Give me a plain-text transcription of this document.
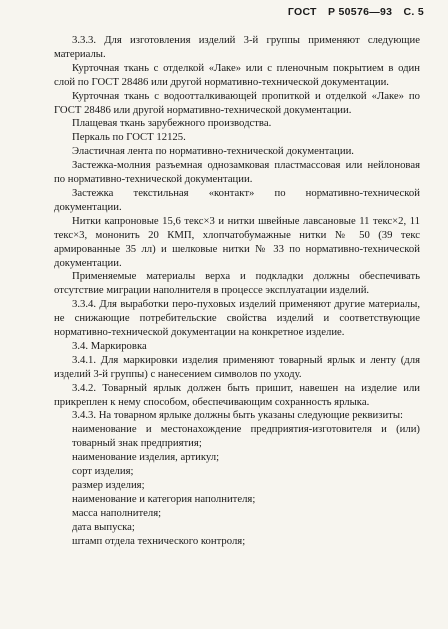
ГОСТ Р 50576—93 С. 5

3.3.3. Для изготовления изделий 3-й группы применяют следующие материалы.

Курточная ткань с отделкой «Лаке» или с пленочным покрытием в один слой по ГОСТ 28486 или другой нормативно-технической документации.

Курточная ткань с водоотталкивающей пропиткой и отделкой «Лаке» по ГОСТ 28486 или другой нормативно-технической документации.

Плащевая ткань зарубежного производства.

Перкаль по ГОСТ 12125.

Эластичная лента по нормативно-технической документации.

Застежка-молния разъемная однозамковая пластмассовая или нейлоновая по нормативно-технической документации.

Застежка текстильная «контакт» по нормативно-технической документации.

Нитки капроновые 15,6 текс×3 и нитки швейные лавсановые 11 текс×2, 11 текс×3, мононить 20 КМП, хлопчатобумажные нитки № 50 (39 текс армированные 35 лл) и шелковые нитки № 33 по нормативно-технической документации.

Применяемые материалы верха и подкладки должны обеспечивать отсутствие миграции наполнителя в процессе эксплуатации изделий.

3.3.4. Для выработки перо-пуховых изделий применяют другие материалы, не снижающие потребительские свойства изделий и соответствующие нормативно-технической документации на конкретное изделие.

3.4. Маркировка

3.4.1. Для маркировки изделия применяют товарный ярлык и ленту (для изделий 3-й группы) с нанесением символов по уходу.

3.4.2. Товарный ярлык должен быть пришит, навешен на изделие или прикреплен к нему способом, обеспечивающим сохранность ярлыка.

3.4.3. На товарном ярлыке должны быть указаны следующие реквизиты:

наименование и местонахождение предприятия-изготовителя и (или) товарный знак предприятия;

наименование изделия, артикул;

сорт изделия;

размер изделия;

наименование и категория наполнителя;

масса наполнителя;

дата выпуска;

штамп отдела технического контроля;
